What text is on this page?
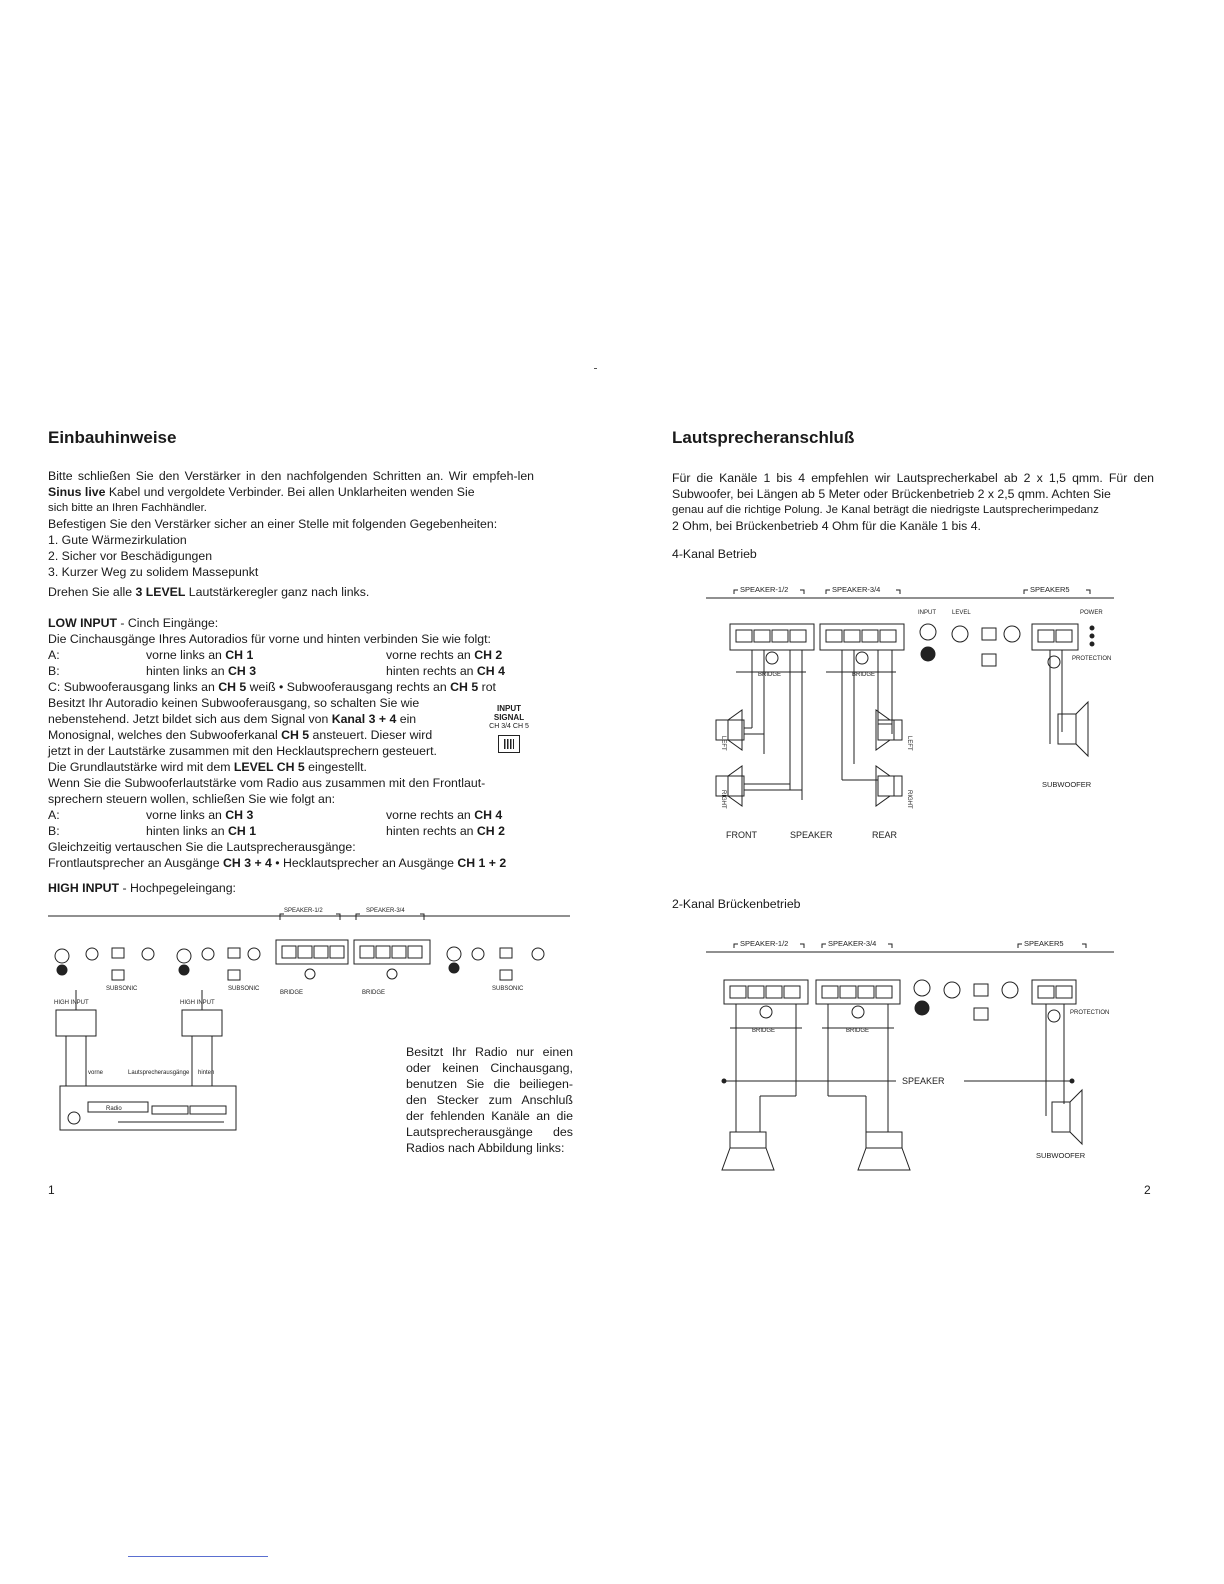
Einbauhinweise

Bitte schließen Sie den Verstärker in den nachfolgenden Schritten an. Wir empfeh-len Sinus live Kabel und vergoldete Verbinder. Bei allen Unklarheiten wenden Sie

sich bitte an Ihren Fachhändler.

Befestigen Sie den Verstärker sicher an einer Stelle mit folgenden Gegebenheiten:

1. Gute Wärmezirkulation

2. Sicher vor Beschädigungen

3. Kurzer Weg zu solidem Massepunkt

Drehen Sie alle 3 LEVEL Lautstärkeregler ganz nach links.

LOW INPUT - Cinch Eingänge:

Die Cinchausgänge Ihres Autoradios für vorne und hinten verbinden Sie wie folgt:

A:	vorne links an CH 1	vorne rechts an CH 2
B:	hinten links an CH 3	hinten rechts an CH 4

C: Subwooferausgang links an CH 5 weiß • Subwooferausgang rechts an CH 5 rot

Besitzt Ihr Autoradio keinen Subwooferausgang, so schalten Sie wie

nebenstehend. Jetzt bildet sich aus dem Signal von Kanal 3 + 4 ein

Monosignal, welches den Subwooferkanal CH 5 ansteuert. Dieser wird

jetzt in der Lautstärke zusammen mit den Hecklautsprechern gesteuert.

Die Grundlautstärke wird mit dem LEVEL CH 5 eingestellt.

Wenn Sie die Subwooferlautstärke vom Radio aus zusammen mit den Frontlaut-

sprechern steuern wollen, schließen Sie wie folgt an:

A:	vorne links an CH 3	vorne rechts an CH 4
B:	hinten links an CH 1	hinten rechts an CH 2

Gleichzeitig vertauschen Sie die Lautsprecherausgänge:

Frontlautsprecher an Ausgänge CH 3 + 4 • Hecklautsprecher an Ausgänge CH 1 + 2

HIGH INPUT - Hochpegeleingang:

INPUT
SIGNAL
CH 3/4 CH 5
Besitzt Ihr Radio nur einen oder keinen Cinchausgang, benutzen Sie die beiliegen-den Stecker zum Anschluß der fehlenden Kanäle an die Lautsprecherausgänge des Radios nach Abbildung links:
1
SPEAKER-1/2	SPEAKER-3/4
BRIDGE	BRIDGE
SUBSONIC	SUBSONIC	SUBSONIC
HIGH INPUT	HIGH INPUT
vorne	hinten
Lautsprecherausgänge
Radio
Lautsprecheranschluß

Für die Kanäle 1 bis 4 empfehlen wir Lautsprecherkabel ab 2 x 1,5 qmm. Für den Subwoofer, bei Längen ab 5 Meter oder Brückenbetrieb 2 x 2,5 qmm. Achten Sie

genau auf die richtige Polung. Je Kanal beträgt die niedrigste Lautsprecherimpedanz

2 Ohm, bei Brückenbetrieb 4 Ohm für die Kanäle 1 bis 4.

4-Kanal Betrieb
2-Kanal Brückenbetrieb
2
SPEAKER-1/2	SPEAKER-3/4	SPEAKER5
INPUT	LEVEL	POWER
PROTECTION
BRIDGE	BRIDGE
LEFT
RIGHT
LEFT
RIGHT
SUBWOOFER
FRONT	SPEAKER	REAR
SPEAKER-1/2	SPEAKER-3/4	SPEAKER5
PROTECTION
BRIDGE	BRIDGE
SPEAKER
SUBWOOFER
